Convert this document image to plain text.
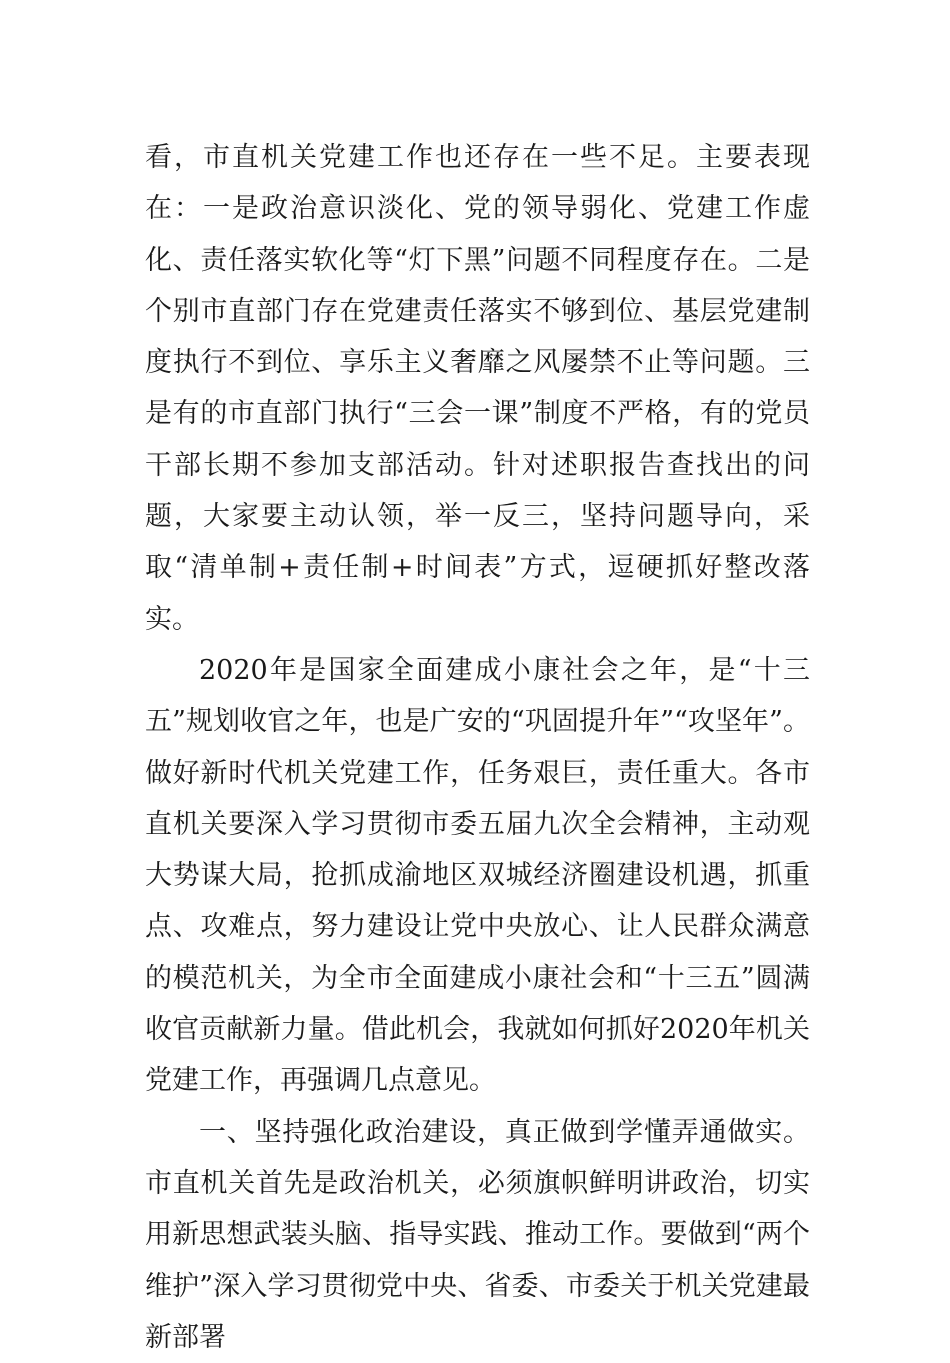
看，市直机关党建工作也还存在一些不足。主要表现在：一是政治意识淡化、党的领导弱化、党建工作虚化、责任落实软化等“灯下黑”问题不同程度存在。二是个别市直部门存在党建责任落实不够到位、基层党建制度执行不到位、享乐主义奢靡之风屡禁不止等问题。三是有的市直部门执行“三会一课”制度不严格，有的党员干部长期不参加支部活动。针对述职报告查找出的问题，大家要主动认领，举一反三，坚持问题导向，采取“清单制+责任制+时间表”方式，逗硬抓好整改落实。

2020年是国家全面建成小康社会之年，是“十三五”规划收官之年，也是广安的“巩固提升年”“攻坚年”。做好新时代机关党建工作，任务艰巨，责任重大。各市直机关要深入学习贯彻市委五届九次全会精神，主动观大势谋大局，抢抓成渝地区双城经济圈建设机遇，抓重点、攻难点，努力建设让党中央放心、让人民群众满意的模范机关，为全市全面建成小康社会和“十三五”圆满收官贡献新力量。借此机会，我就如何抓好2020年机关党建工作，再强调几点意见。

一、坚持强化政治建设，真正做到学懂弄通做实。市直机关首先是政治机关，必须旗帜鲜明讲政治，切实用新思想武装头脑、指导实践、推动工作。要做到“两个维护”深入学习贯彻党中央、省委、市委关于机关党建最新部署
